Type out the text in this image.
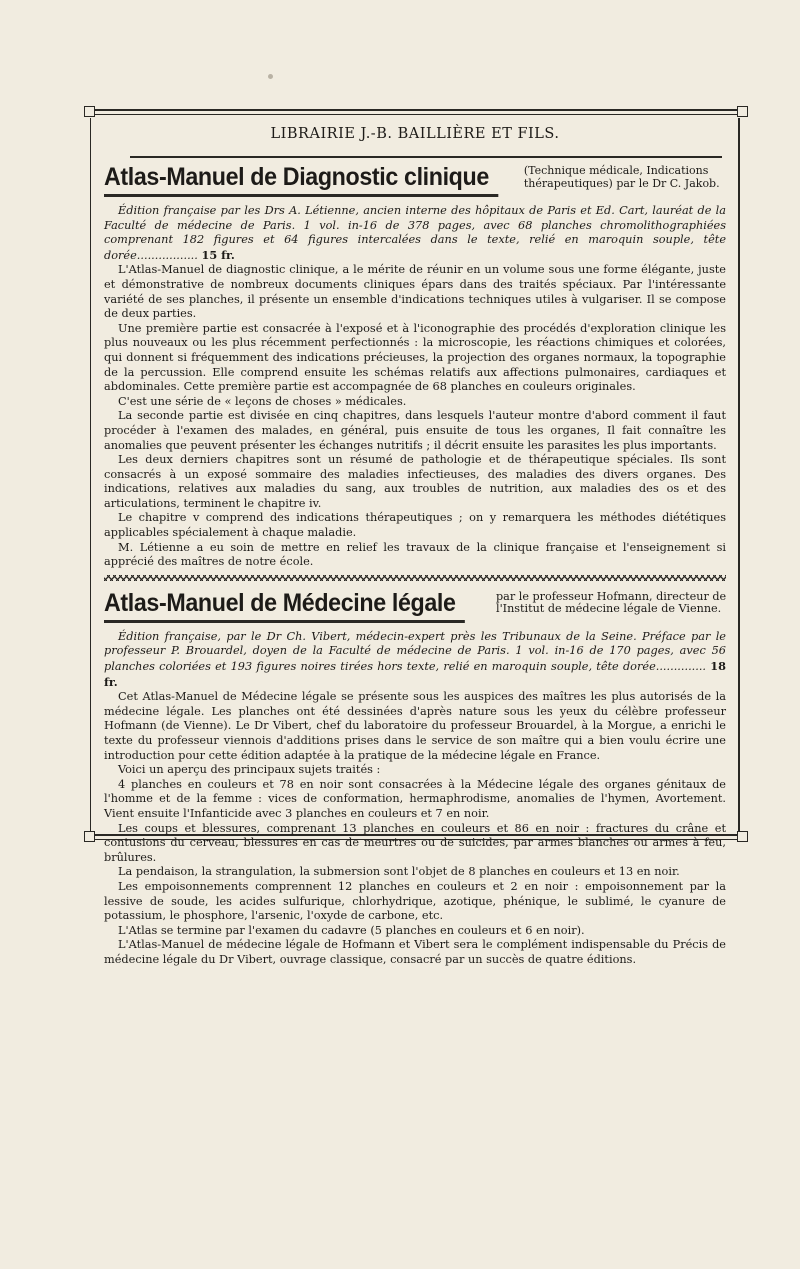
LIBRAIRIE J.-B. BAILLIÈRE ET FILS.
Atlas-Manuel de Diagnostic clinique	(Technique médicale, Indications
thérapeutiques) par le Dr C. Jakob.

Édition française par les Drs A. Létienne, ancien interne des hôpitaux de Paris et Ed. Cart, lauréat de la Faculté de médecine de Paris. 1 vol. in-16 de 378 pages, avec 68 planches chromolithographiées comprenant 182 figures et 64 figures intercalées dans le texte, relié en maroquin souple, tête dorée................. 15 fr.

L'Atlas-Manuel de diagnostic clinique, a le mérite de réunir en un volume sous une forme élégante, juste et démonstrative de nombreux documents cliniques épars dans des traités spéciaux. Par l'intéressante variété de ses planches, il présente un ensemble d'indications techniques utiles à vulgariser. Il se compose de deux parties.

Une première partie est consacrée à l'exposé et à l'iconographie des procédés d'exploration clinique les plus nouveaux ou les plus récemment perfectionnés : la microscopie, les réactions chimiques et colorées, qui donnent si fréquemment des indications précieuses, la projection des organes normaux, la topographie de la percussion. Elle comprend ensuite les schémas relatifs aux affections pulmonaires, cardiaques et abdominales. Cette première partie est accompagnée de 68 planches en couleurs originales.

C'est une série de « leçons de choses » médicales.

La seconde partie est divisée en cinq chapitres, dans lesquels l'auteur montre d'abord comment il faut procéder à l'examen des malades, en général, puis ensuite de tous les organes, Il fait connaître les anomalies que peuvent présenter les échanges nutritifs ; il décrit ensuite les parasites les plus importants.

Les deux derniers chapitres sont un résumé de pathologie et de thérapeutique spéciales. Ils sont consacrés à un exposé sommaire des maladies infectieuses, des maladies des divers organes. Des indications, relatives aux maladies du sang, aux troubles de nutrition, aux maladies des os et des articulations, terminent le chapitre iv.

Le chapitre v comprend des indications thérapeutiques ; on y remarquera les méthodes diététiques applicables spécialement à chaque maladie.

M. Létienne a eu soin de mettre en relief les travaux de la clinique française et l'enseignement si apprécié des maîtres de notre école.

Atlas-Manuel de Médecine légale	par le professeur Hofmann, directeur de
l'Institut de médecine légale de Vienne.

Édition française, par le Dr Ch. Vibert, médecin-expert près les Tribunaux de la Seine. Préface par le professeur P. Brouardel, doyen de la Faculté de médecine de Paris. 1 vol. in-16 de 170 pages, avec 56 planches coloriées et 193 figures noires tirées hors texte, relié en maroquin souple, tête dorée.............. 18 fr.

Cet Atlas-Manuel de Médecine légale se présente sous les auspices des maîtres les plus autorisés de la médecine légale. Les planches ont été dessinées d'après nature sous les yeux du célèbre professeur Hofmann (de Vienne). Le Dr Vibert, chef du laboratoire du professeur Brouardel, à la Morgue, a enrichi le texte du professeur viennois d'additions prises dans le service de son maître qui a bien voulu écrire une introduction pour cette édition adaptée à la pratique de la médecine légale en France.

Voici un aperçu des principaux sujets traités :

4 planches en couleurs et 78 en noir sont consacrées à la Médecine légale des organes génitaux de l'homme et de la femme : vices de conformation, hermaphrodisme, anomalies de l'hymen, Avortement. Vient ensuite l'Infanticide avec 3 planches en couleurs et 7 en noir.

Les coups et blessures, comprenant 13 planches en couleurs et 86 en noir : fractures du crâne et contusions du cerveau, blessures en cas de meurtres ou de suicides, par armes blanches ou armes à feu, brûlures.

La pendaison, la strangulation, la submersion sont l'objet de 8 planches en couleurs et 13 en noir.

Les empoisonnements comprennent 12 planches en couleurs et 2 en noir : empoisonnement par la lessive de soude, les acides sulfurique, chlorhydrique, azotique, phénique, le sublimé, le cyanure de potassium, le phosphore, l'arsenic, l'oxyde de carbone, etc.

L'Atlas se termine par l'examen du cadavre (5 planches en couleurs et 6 en noir).

L'Atlas-Manuel de médecine légale de Hofmann et Vibert sera le complément indispensable du Précis de médecine légale du Dr Vibert, ouvrage classique, consacré par un succès de quatre éditions.
